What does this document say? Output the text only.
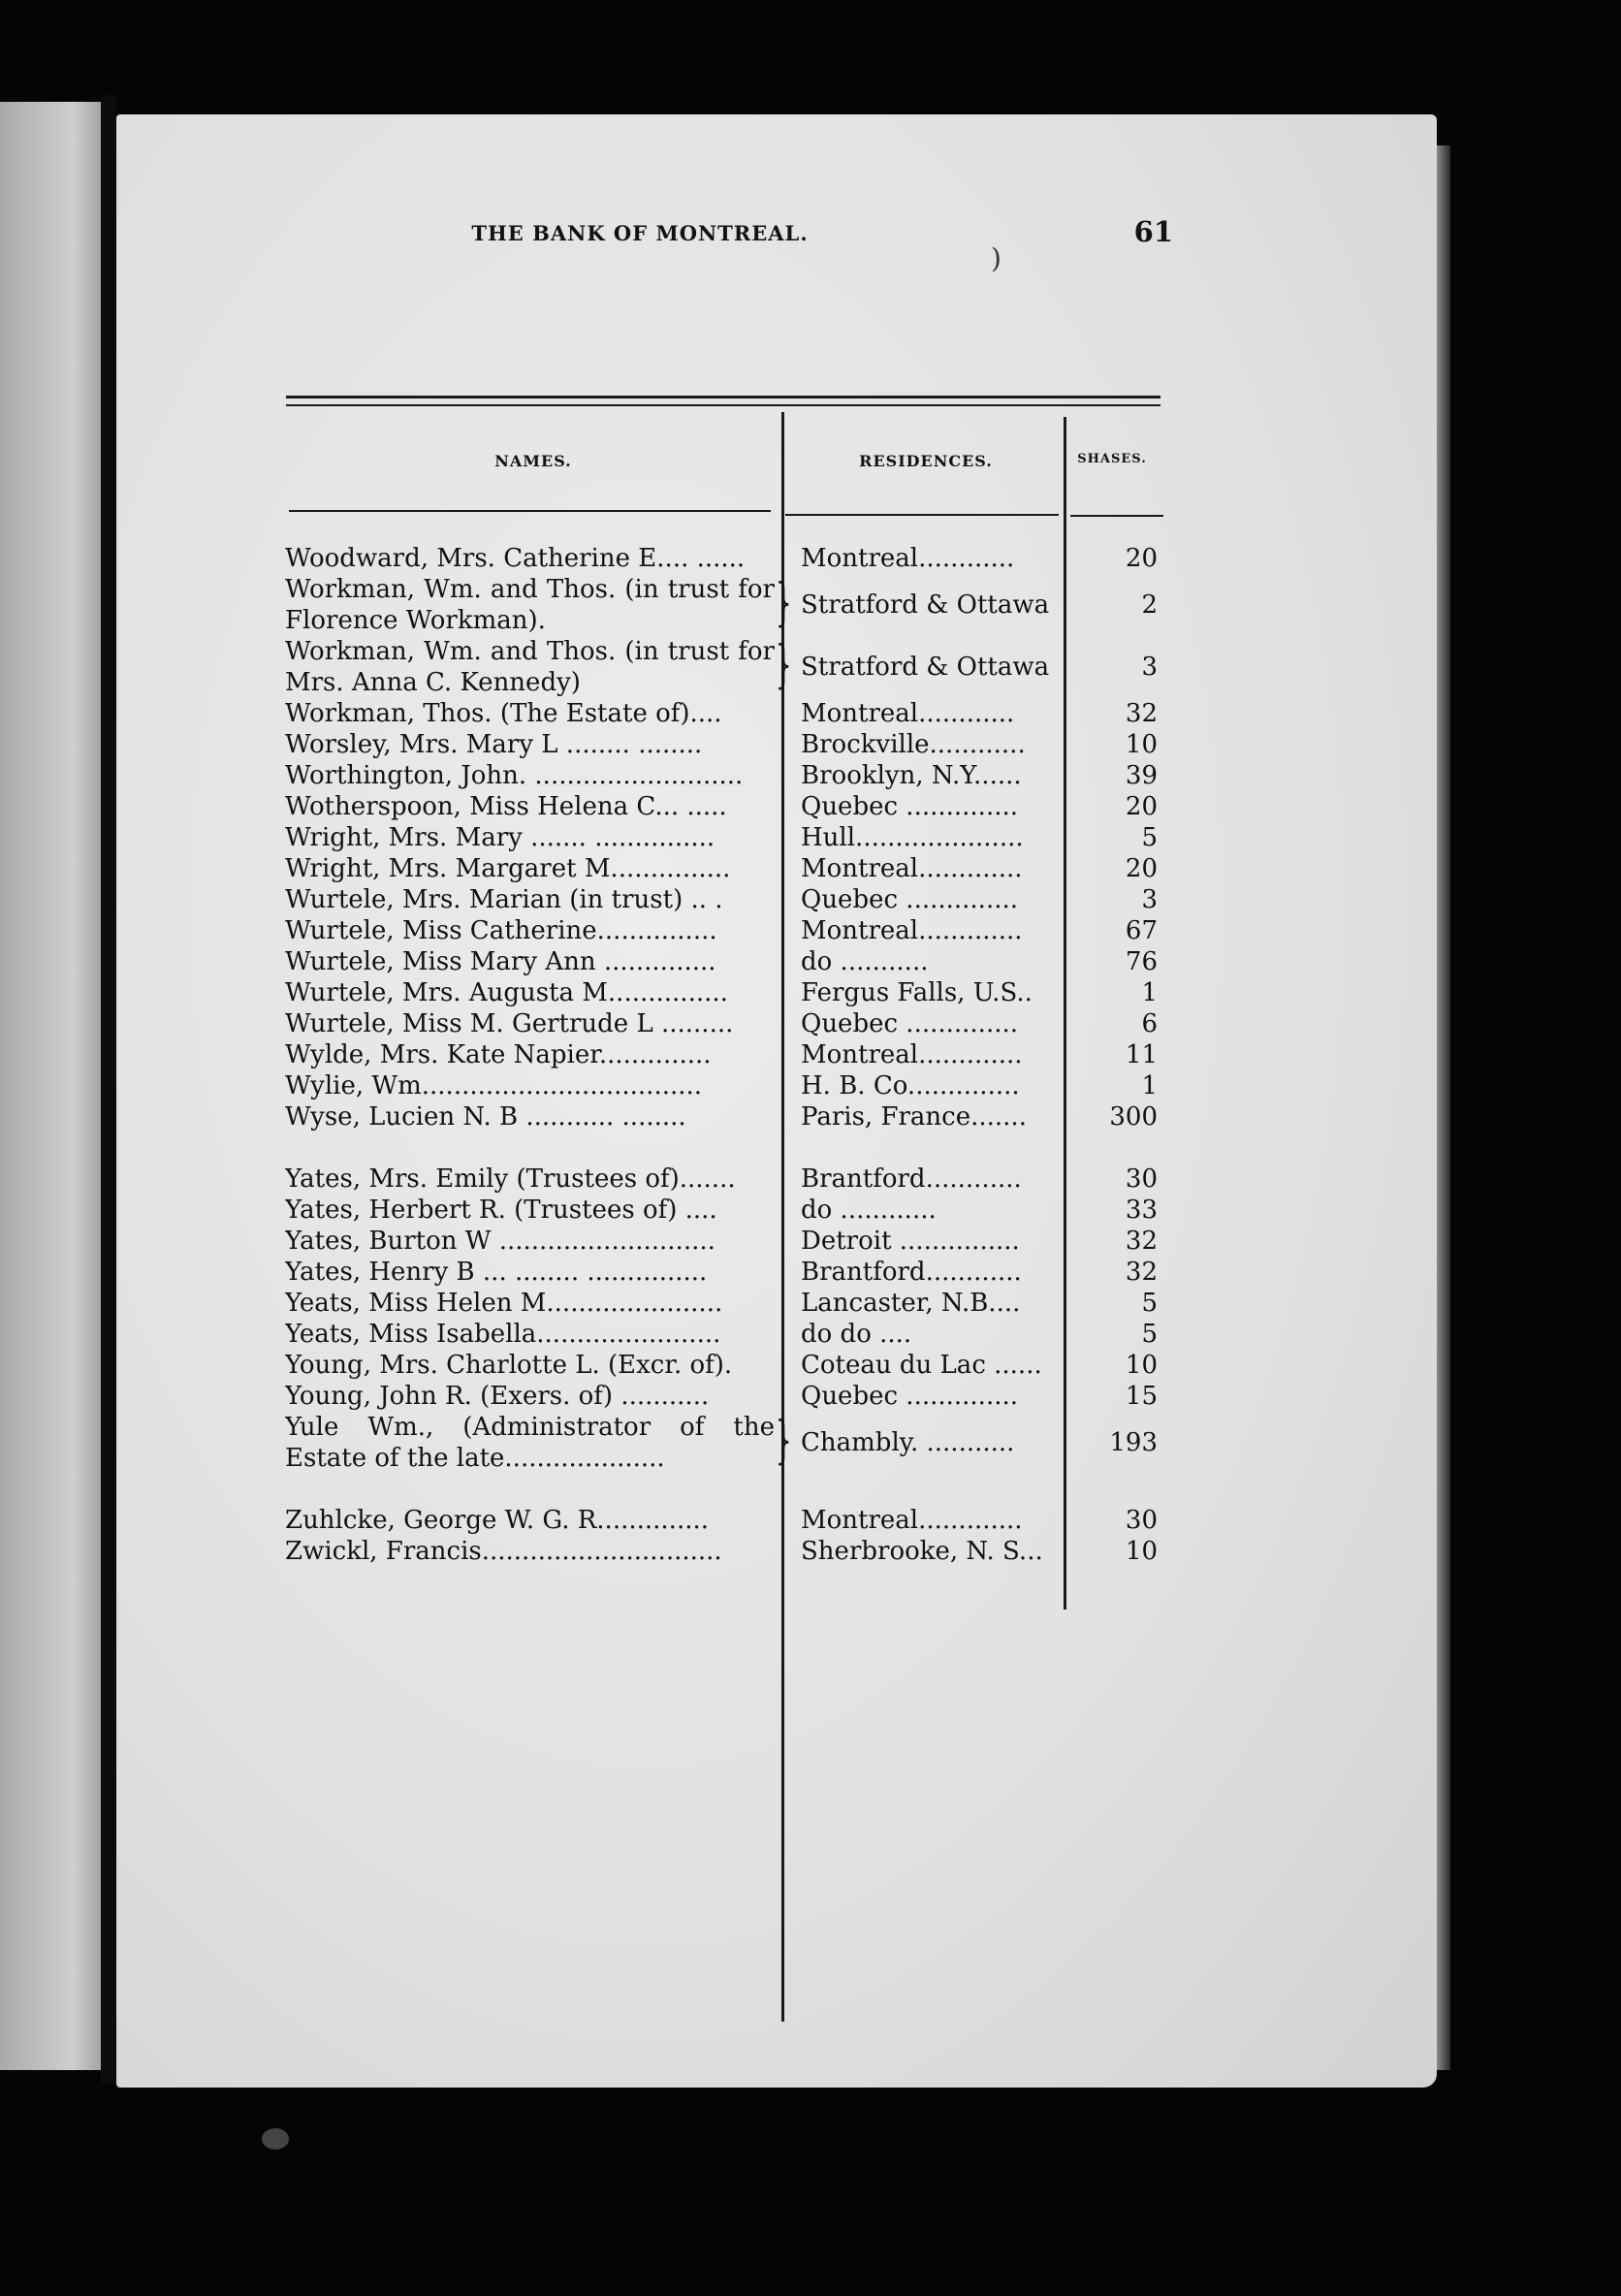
)
THE BANK OF MONTREAL.	61
NAMES.	RESIDENCES.	SHASES.
Woodward, Mrs. Catherine E.... ......	Montreal............	20
Workman, Wm. and Thos. (in trust for Florence Workman).	} Stratford & Ottawa	2
Workman, Wm. and Thos. (in trust for Mrs. Anna C. Kennedy)	} Stratford & Ottawa	3
Workman, Thos. (The Estate of)....	Montreal............	32
Worsley, Mrs. Mary L ........ ........	Brockville............	10
Worthington, John. ..........................	Brooklyn, N.Y......	39
Wotherspoon, Miss Helena C... .....	Quebec ..............	20
Wright, Mrs. Mary ....... ...............	Hull.....................	5
Wright, Mrs. Margaret M...............	Montreal.............	20
Wurtele, Mrs. Marian (in trust) .. .	Quebec ..............	3
Wurtele, Miss Catherine...............	Montreal.............	67
Wurtele, Miss Mary Ann ..............	do ...........	76
Wurtele, Mrs. Augusta M...............	Fergus Falls, U.S..	1
Wurtele, Miss M. Gertrude L .........	Quebec ..............	6
Wylde, Mrs. Kate Napier..............	Montreal.............	11
Wylie, Wm...................................	H. B. Co..............	1
Wyse, Lucien N. B ........... ........	Paris, France.......	300
Yates, Mrs. Emily (Trustees of).......	Brantford............	30
Yates, Herbert R. (Trustees of) ....	do ............	33
Yates, Burton W ...........................	Detroit ...............	32
Yates, Henry B ... ........ ...............	Brantford............	32
Yeats, Miss Helen M......................	Lancaster, N.B....	5
Yeats, Miss Isabella.......................	do do ....	5
Young, Mrs. Charlotte L. (Excr. of).	Coteau du Lac ......	10
Young, John R. (Exers. of) ...........	Quebec ..............	15
Yule Wm., (Administrator of the Estate of the late....................	} Chambly. ...........	193
Zuhlcke, George W. G. R..............	Montreal.............	30
Zwickl, Francis..............................	Sherbrooke, N. S...	10
